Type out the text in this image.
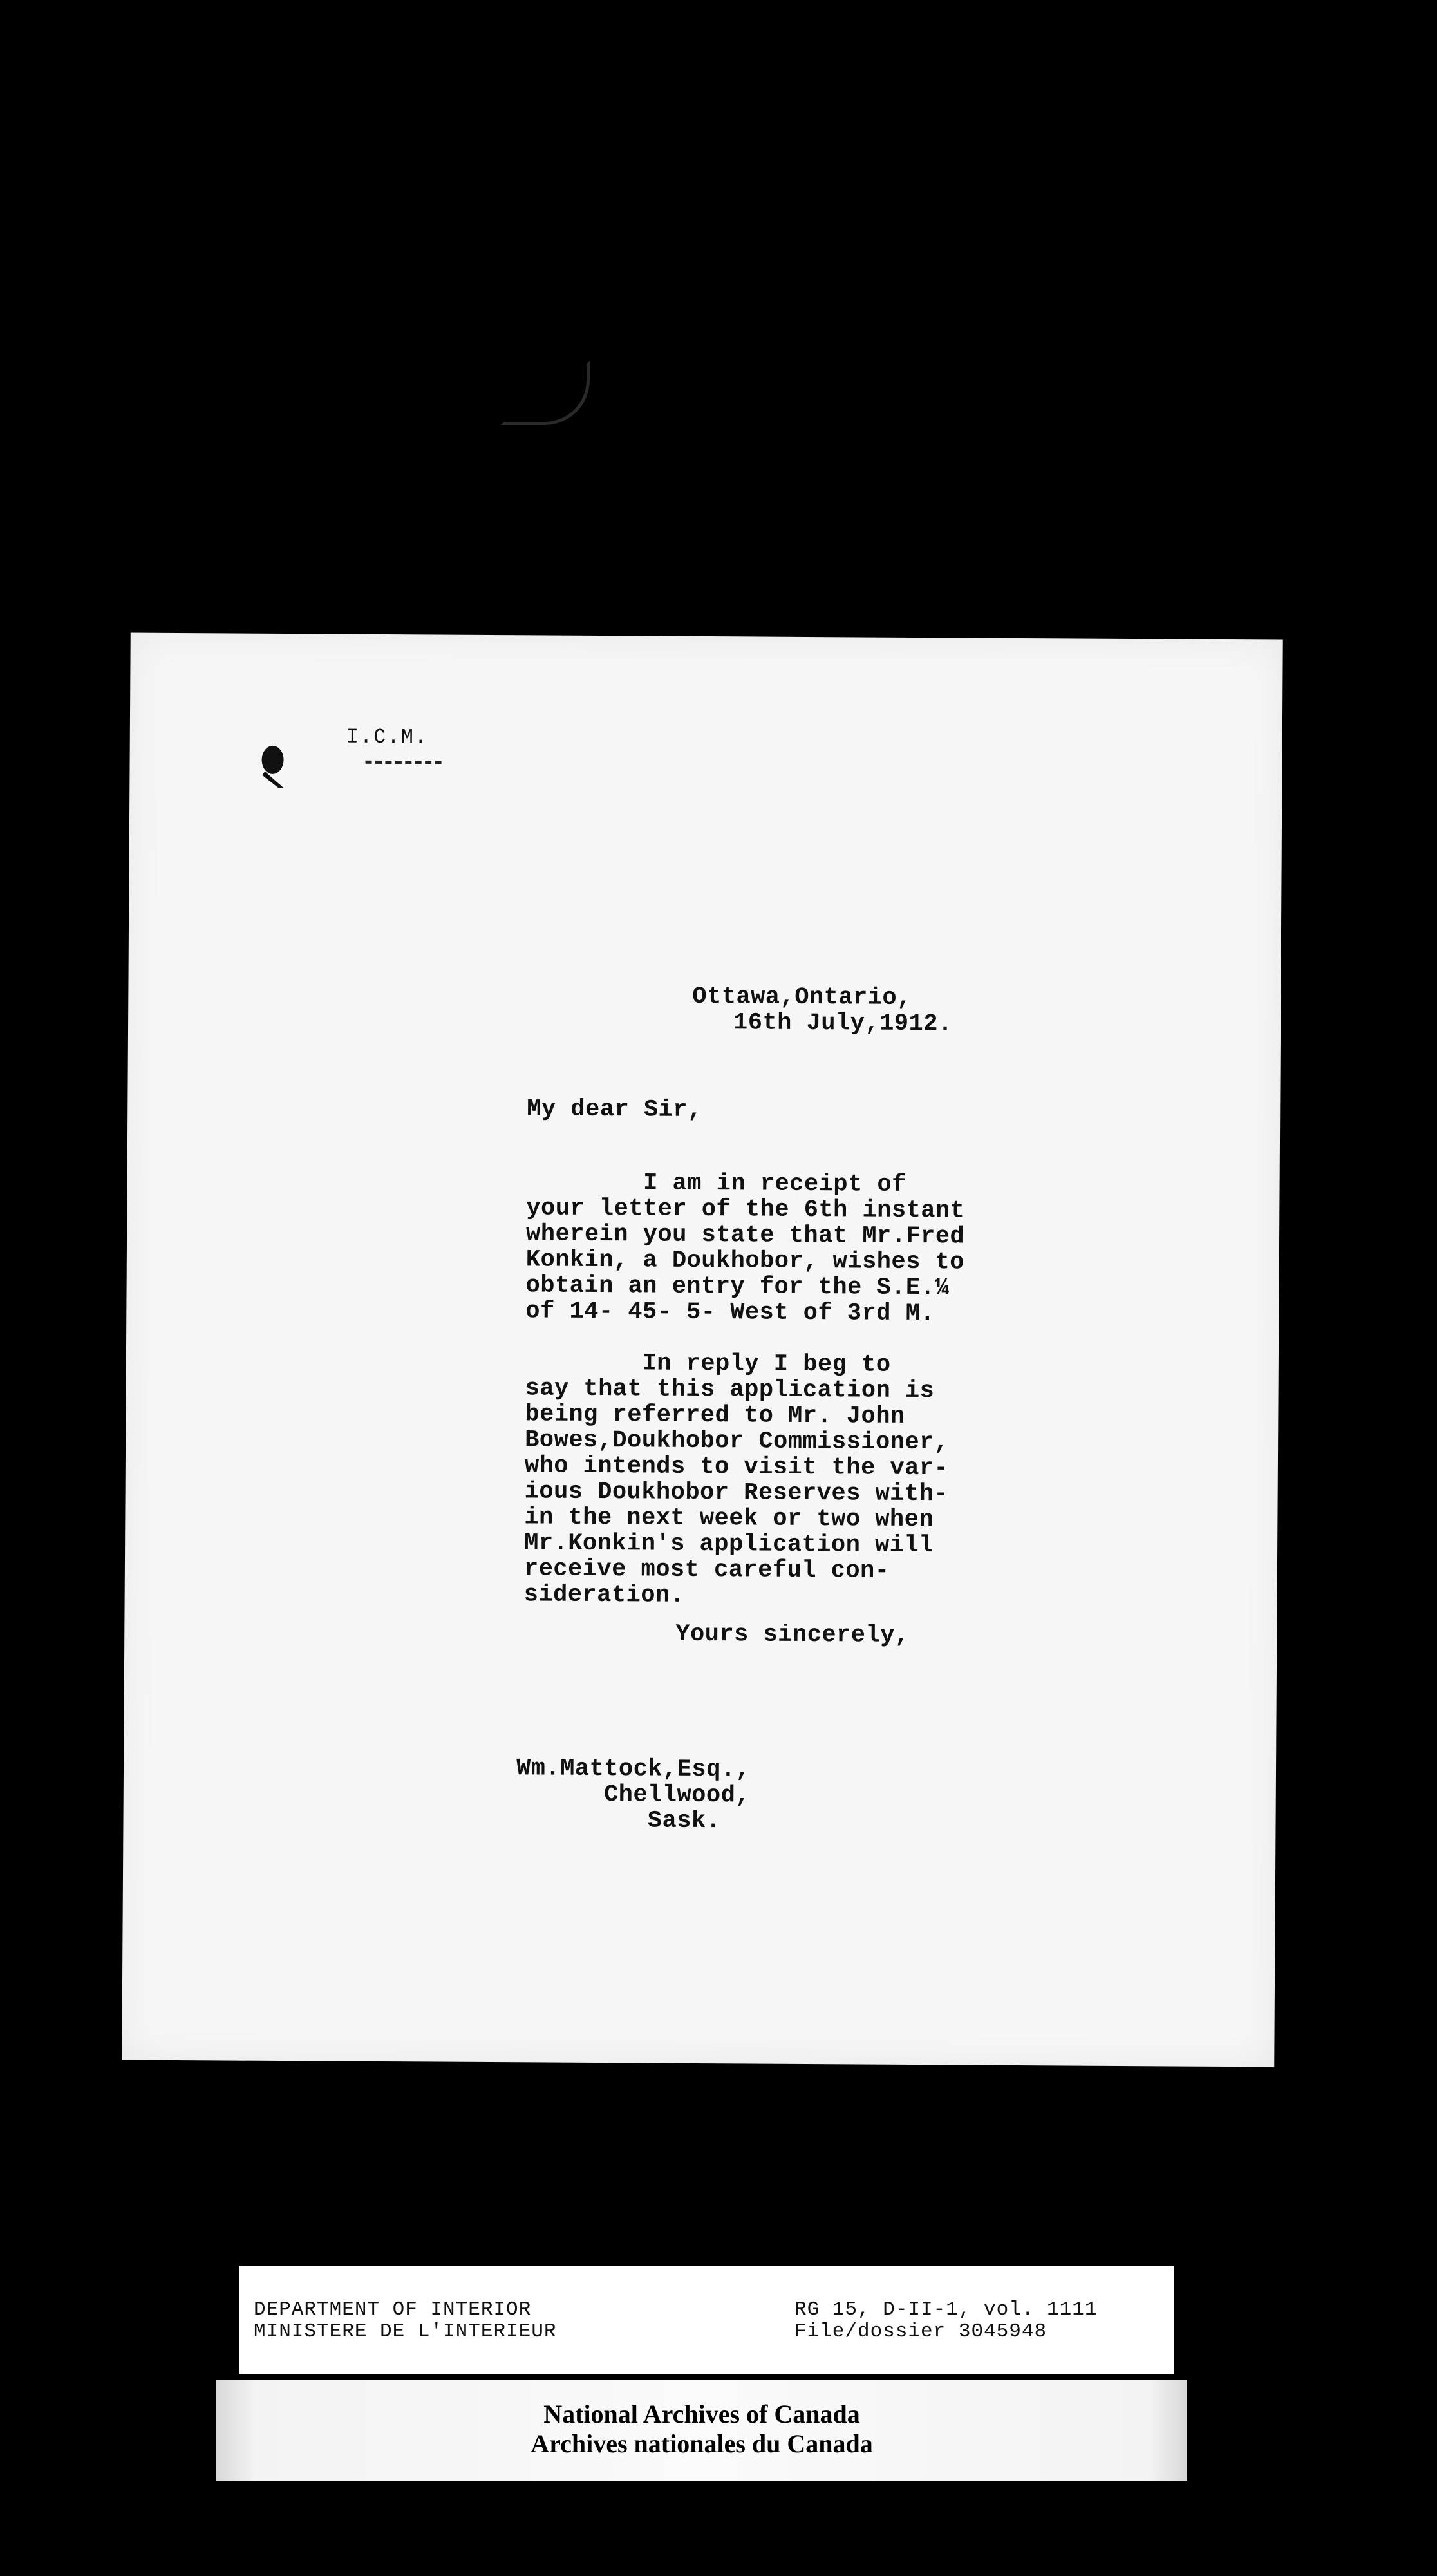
I.C.M.
Ottawa,Ontario,
16th July,1912.
My dear Sir,
I am in receipt of
your letter of the 6th instant
wherein you state that Mr.Fred
Konkin, a Doukhobor, wishes to
obtain an entry for the S.E.¼
of 14- 45- 5- West of 3rd M.
In reply I beg to
say that this application is
being referred to Mr. John
Bowes,Doukhobor Commissioner,
who intends to visit the var-
ious Doukhobor Reserves with-
in the next week or two when
Mr.Konkin's application will
receive most careful con-
sideration.
Yours sincerely,
Wm.Mattock,Esq.,
Chellwood,
Sask.
DEPARTMENT OF INTERIOR
MINISTERE DE L'INTERIEUR
RG 15, D-II-1, vol. 1111
File/dossier 3045948
National Archives of Canada
Archives nationales du Canada
